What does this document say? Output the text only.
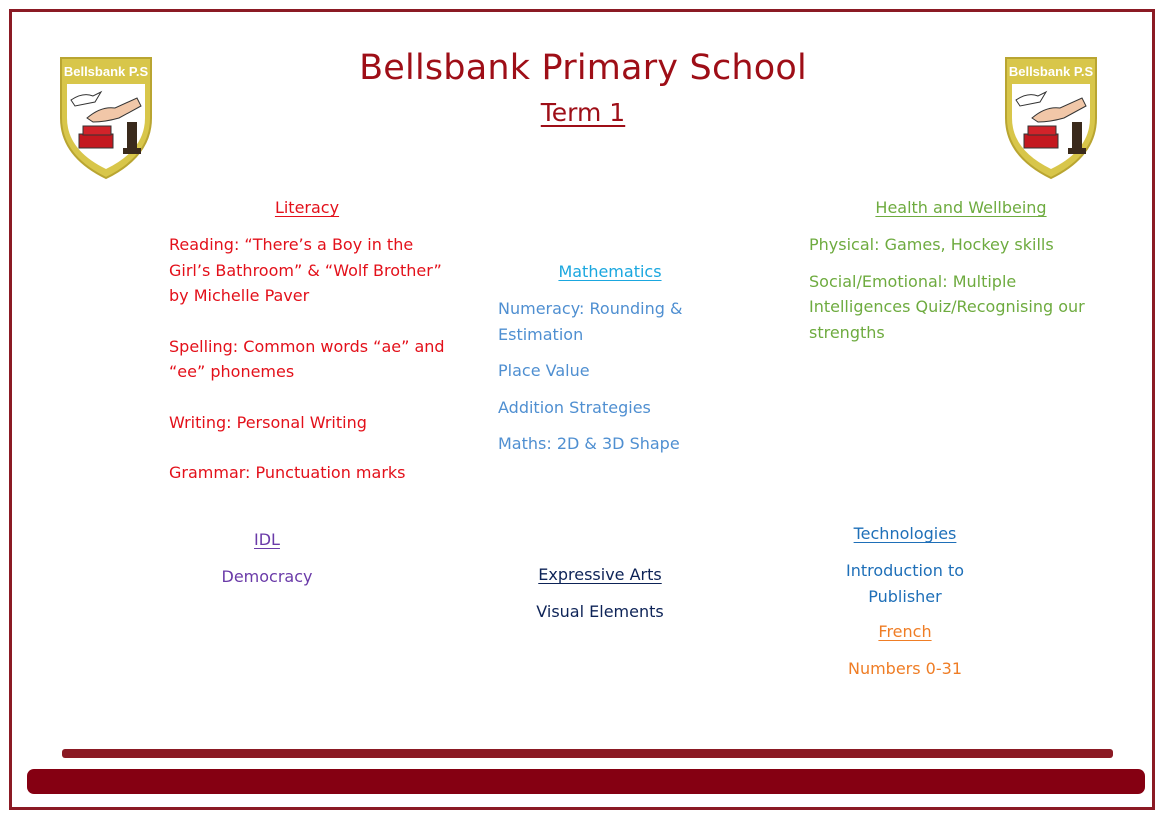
Bellsbank P.S	Bellsbank P.S
Bellsbank Primary School
Term 1
Literacy
Reading: “There’s a Boy in the
Girl’s Bathroom” & “Wolf Brother”
by Michelle Paver
Spelling: Common words “ae” and
“ee” phonemes
Writing: Personal Writing
Grammar: Punctuation marks
Mathematics
Numeracy: Rounding &
Estimation
Place Value
Addition Strategies
Maths: 2D & 3D Shape
Health and Wellbeing
Physical: Games, Hockey skills
Social/Emotional: Multiple
Intelligences Quiz/Recognising our
strengths
IDL
Democracy	Expressive Arts
Visual Elements
Technologies
Introduction to
Publisher
French
Numbers 0-31
